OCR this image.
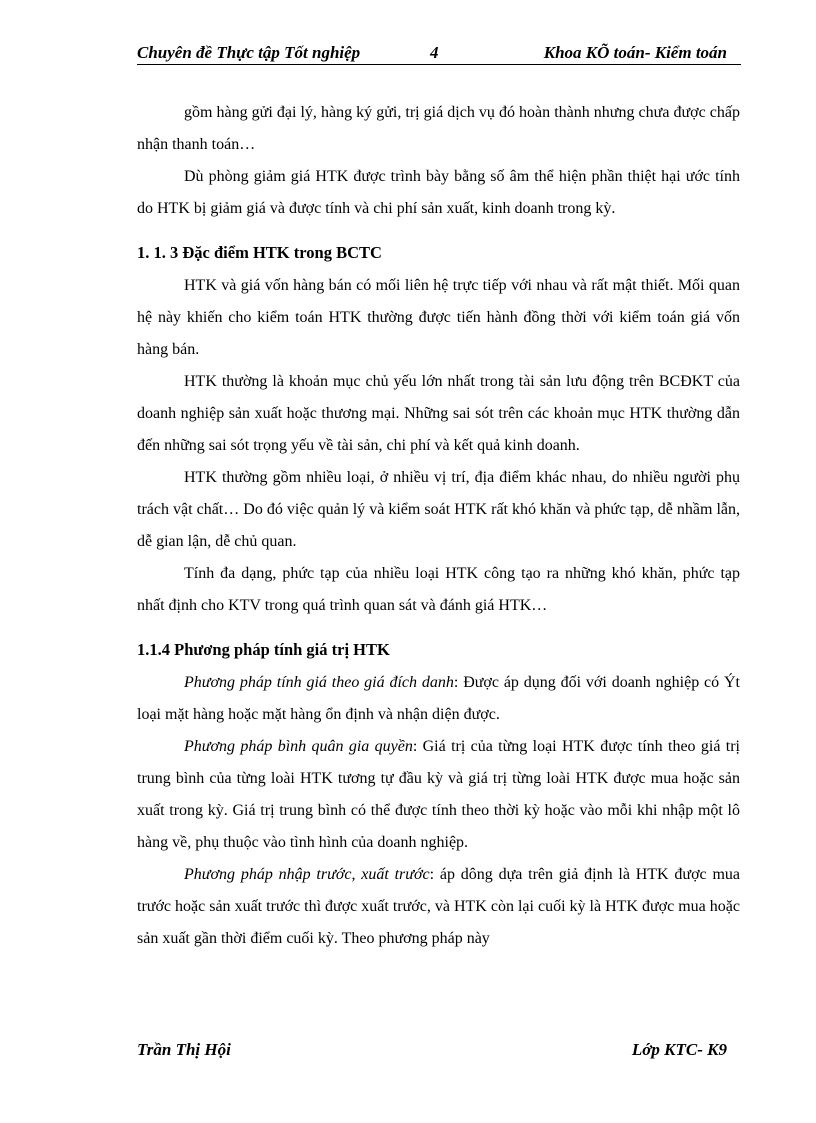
Chuyên đề Thực tập Tốt nghiệp	4	Khoa KÕ toán- Kiểm toán

gồm hàng gửi đại lý, hàng ký gửi, trị giá dịch vụ đó hoàn thành nhưng chưa được chấp nhận thanh toán…

Dù phòng giảm giá HTK được trình bày bằng số âm thể hiện phần thiệt hại ước tính do HTK bị giảm giá và được tính và chi phí sản xuất, kinh doanh trong kỳ.

1. 1. 3 Đặc điểm HTK trong BCTC

HTK và giá vốn hàng bán có mối liên hệ trực tiếp với nhau và rất mật thiết. Mối quan hệ này khiến cho kiểm toán HTK thường được tiến hành đồng thời với kiểm toán giá vốn hàng bán.

HTK thường là khoản mục chủ yếu lớn nhất trong tài sản lưu động trên BCĐKT của doanh nghiệp sản xuất hoặc thương mại. Những sai sót trên các khoản mục HTK thường dẫn đến những sai sót trọng yếu về tài sản, chi phí và kết quả kinh doanh.

HTK thường gồm nhiều loại, ở nhiều vị trí, địa điểm khác nhau, do nhiều người phụ trách vật chất… Do đó việc quản lý và kiểm soát HTK rất khó khăn và phức tạp, dễ nhầm lẫn, dễ gian lận, dễ chủ quan.

Tính đa dạng, phức tạp của nhiều loại HTK công tạo ra những khó khăn, phức tạp nhất định cho KTV trong quá trình quan sát và đánh giá HTK…

1.1.4 Phương pháp tính giá trị HTK

Phương pháp tính giá theo giá đích danh: Được áp dụng đối với doanh nghiệp có Ýt loại mặt hàng hoặc mặt hàng ổn định và nhận diện được.

Phương pháp bình quân gia quyền: Giá trị của từng loại HTK được tính theo giá trị trung bình của từng loài HTK tương tự đầu kỳ và giá trị từng loài HTK được mua hoặc sản xuất trong kỳ. Giá trị trung bình có thể được tính theo thời kỳ hoặc vào mỗi khi nhập một lô hàng về, phụ thuộc vào tình hình của doanh nghiệp.

Phương pháp nhập trước, xuất trước: áp dông dựa trên giả định là HTK được mua trước hoặc sản xuất trước thì được xuất trước, và HTK còn lại cuối kỳ là HTK được mua hoặc sản xuất gần thời điểm cuối kỳ. Theo phương pháp này

Trần Thị Hội	Lớp KTC- K9
